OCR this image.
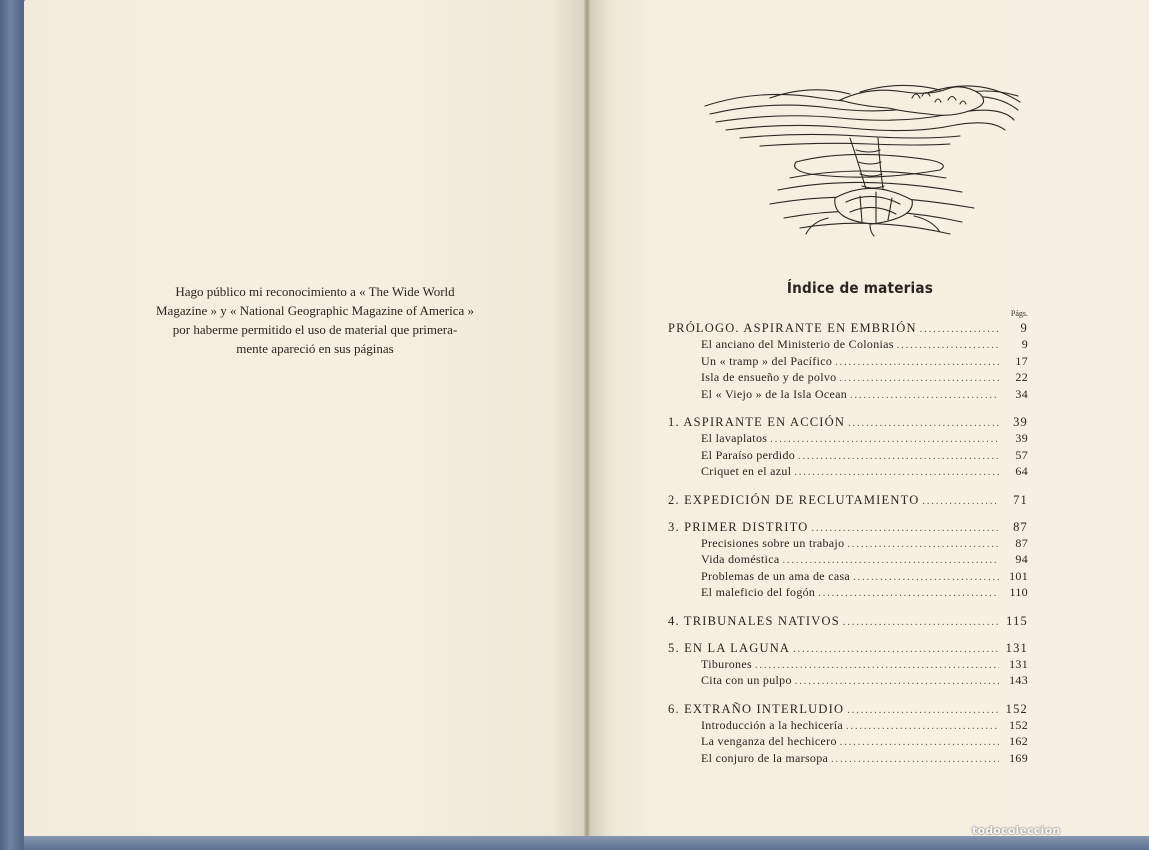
Hago público mi reconocimiento a « The Wide World
Magazine » y « National Geographic Magazine of America »
por haberme permitido el uso de material que primera-
mente apareció en sus páginas
Índice de materias
Págs.
PRÓLOGO. ASPIRANTE EN EMBRIÓN .....	9
El anciano del Ministerio de Colonias .....	9
Un « tramp » del Pacífico .....	17
Isla de ensueño y de polvo .....	22
El « Viejo » de la Isla Ocean .....	34
1. ASPIRANTE EN ACCIÓN .....	39
El lavaplatos .....	39
El Paraíso perdido .....	57
Criquet en el azul .....	64
2. EXPEDICIÓN DE RECLUTAMIENTO .....	71
3. PRIMER DISTRITO .....	87
Precisiones sobre un trabajo .....	87
Vida doméstica .....	94
Problemas de un ama de casa .....	101
El maleficio del fogón .....	110
4. TRIBUNALES NATIVOS .....	115
5. EN LA LAGUNA .....	131
Tiburones .....	131
Cita con un pulpo .....	143
6. EXTRAÑO INTERLUDIO .....	152
Introducción a la hechicería .....	152
La venganza del hechicero .....	162
El conjuro de la marsopa .....	169
todocoleccion
